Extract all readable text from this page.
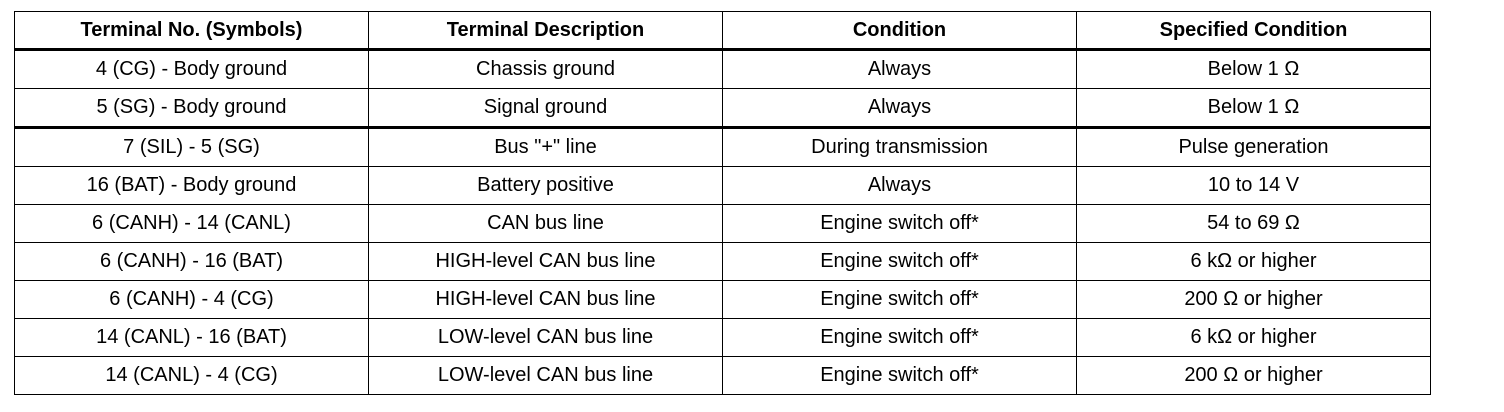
Terminal No. (Symbols)	Terminal Description	Condition	Specified Condition
4 (CG) - Body ground	Chassis ground	Always	Below 1 Ω
5 (SG) - Body ground	Signal ground	Always	Below 1 Ω
7 (SIL) - 5 (SG)	Bus "+" line	During transmission	Pulse generation
16 (BAT) - Body ground	Battery positive	Always	10 to 14 V
6 (CANH) - 14 (CANL)	CAN bus line	Engine switch off*	54 to 69 Ω
6 (CANH) - 16 (BAT)	HIGH-level CAN bus line	Engine switch off*	6 kΩ or higher
6 (CANH) - 4 (CG)	HIGH-level CAN bus line	Engine switch off*	200 Ω or higher
14 (CANL) - 16 (BAT)	LOW-level CAN bus line	Engine switch off*	6 kΩ or higher
14 (CANL) - 4 (CG)	LOW-level CAN bus line	Engine switch off*	200 Ω or higher
